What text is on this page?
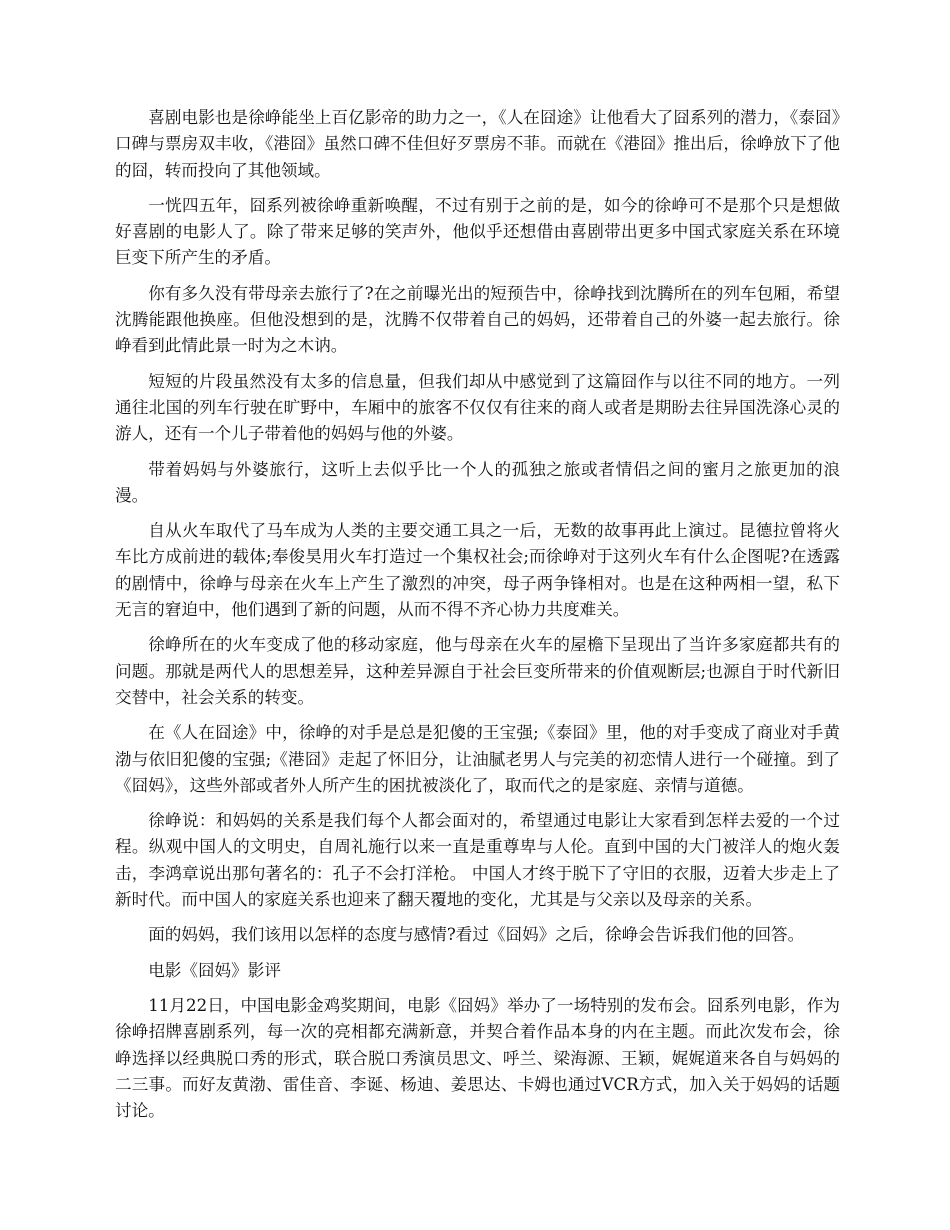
喜剧电影也是徐峥能坐上百亿影帝的助力之一，《人在囧途》让他看大了囧系列的潜力，《泰囧》口碑与票房双丰收，《港囧》虽然口碑不佳但好歹票房不菲。而就在《港囧》推出后，徐峥放下了他的囧，转而投向了其他领域。

一恍四五年，囧系列被徐峥重新唤醒，不过有别于之前的是，如今的徐峥可不是那个只是想做好喜剧的电影人了。除了带来足够的笑声外，他似乎还想借由喜剧带出更多中国式家庭关系在环境巨变下所产生的矛盾。

你有多久没有带母亲去旅行了?在之前曝光出的短预告中，徐峥找到沈腾所在的列车包厢，希望沈腾能跟他换座。但他没想到的是，沈腾不仅带着自己的妈妈，还带着自己的外婆一起去旅行。徐峥看到此情此景一时为之木讷。

短短的片段虽然没有太多的信息量，但我们却从中感觉到了这篇囧作与以往不同的地方。一列通往北国的列车行驶在旷野中，车厢中的旅客不仅仅有往来的商人或者是期盼去往异国洗涤心灵的游人，还有一个儿子带着他的妈妈与他的外婆。

带着妈妈与外婆旅行，这听上去似乎比一个人的孤独之旅或者情侣之间的蜜月之旅更加的浪漫。

自从火车取代了马车成为人类的主要交通工具之一后，无数的故事再此上演过。昆德拉曾将火车比方成前进的载体;奉俊昊用火车打造过一个集权社会;而徐峥对于这列火车有什么企图呢?在透露的剧情中，徐峥与母亲在火车上产生了激烈的冲突，母子两争锋相对。也是在这种两相一望，私下无言的窘迫中，他们遇到了新的问题，从而不得不齐心协力共度难关。

徐峥所在的火车变成了他的移动家庭，他与母亲在火车的屋檐下呈现出了当许多家庭都共有的问题。那就是两代人的思想差异，这种差异源自于社会巨变所带来的价值观断层;也源自于时代新旧交替中，社会关系的转变。

在《人在囧途》中，徐峥的对手是总是犯傻的王宝强;《泰囧》里，他的对手变成了商业对手黄渤与依旧犯傻的宝强;《港囧》走起了怀旧分，让油腻老男人与完美的初恋情人进行一个碰撞。到了《囧妈》，这些外部或者外人所产生的困扰被淡化了，取而代之的是家庭、亲情与道德。

徐峥说：和妈妈的关系是我们每个人都会面对的，希望通过电影让大家看到怎样去爱的一个过程。纵观中国人的文明史，自周礼施行以来一直是重尊卑与人伦。直到中国的大门被洋人的炮火轰击，李鸿章说出那句著名的：孔子不会打洋枪。 中国人才终于脱下了守旧的衣服，迈着大步走上了新时代。而中国人的家庭关系也迎来了翻天覆地的变化，尤其是与父亲以及母亲的关系。

面的妈妈，我们该用以怎样的态度与感情?看过《囧妈》之后，徐峥会告诉我们他的回答。

电影《囧妈》影评

11月22日，中国电影金鸡奖期间，电影《囧妈》举办了一场特别的发布会。囧系列电影，作为徐峥招牌喜剧系列，每一次的亮相都充满新意，并契合着作品本身的内在主题。而此次发布会，徐峥选择以经典脱口秀的形式，联合脱口秀演员思文、呼兰、梁海源、王颖，娓娓道来各自与妈妈的二三事。而好友黄渤、雷佳音、李诞、杨迪、姜思达、卡姆也通过VCR方式，加入关于妈妈的话题讨论。
